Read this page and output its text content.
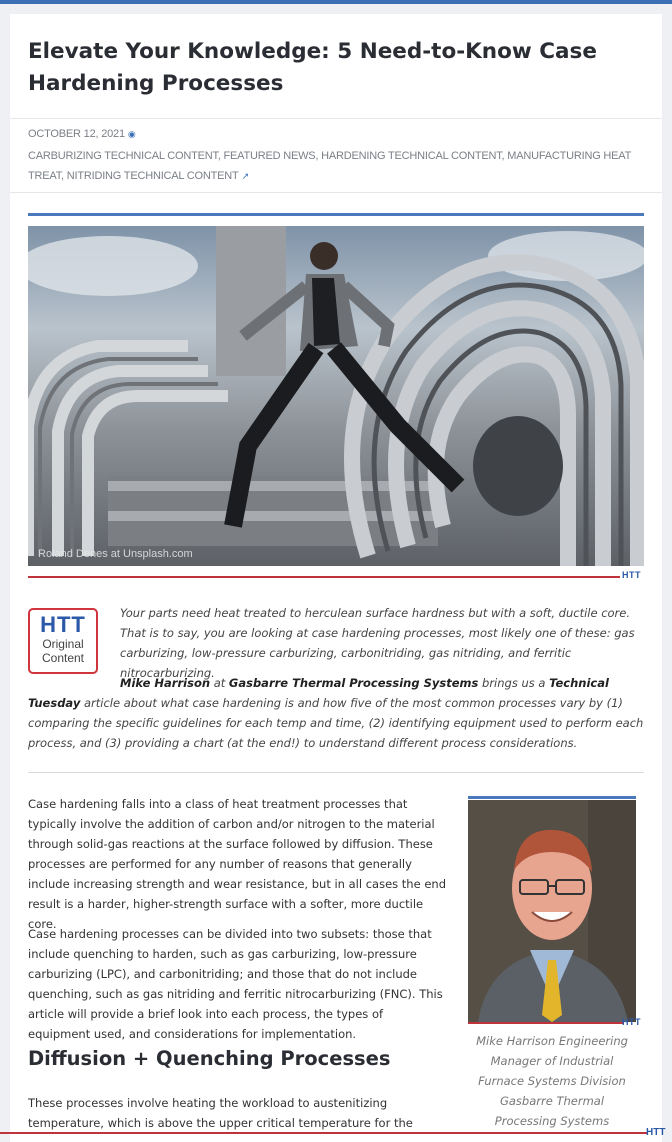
Elevate Your Knowledge: 5 Need-to-Know Case Hardening Processes
OCTOBER 12, 2021 ◉
CARBURIZING TECHNICAL CONTENT, FEATURED NEWS, HARDENING TECHNICAL CONTENT, MANUFACTURING HEAT TREAT, NITRIDING TECHNICAL CONTENT ↗
Roland Denes at Unsplash.com
HTT
HTT
Original
Content
Your parts need heat treated to herculean surface hardness but with a soft, ductile core. That is to say, you are looking at case hardening processes, most likely one of these: gas carburizing, low-pressure carburizing, carbonitriding, gas nitriding, and ferritic nitrocarburizing.
Mike Harrison at Gasbarre Thermal Processing Systems brings us a Technical Tuesday article about what case hardening is and how five of the most common processes vary by (1) comparing the specific guidelines for each temp and time, (2) identifying equipment used to perform each process, and (3) providing a chart (at the end!) to understand different process considerations.
Case hardening falls into a class of heat treatment processes that typically involve the addition of carbon and/or nitrogen to the material through solid-gas reactions at the surface followed by diffusion. These processes are performed for any number of reasons that generally include increasing strength and wear resistance, but in all cases the end result is a harder, higher-strength surface with a softer, more ductile core.
Case hardening processes can be divided into two subsets: those that include quenching to harden, such as gas carburizing, low-pressure carburizing (LPC), and carbonitriding; and those that do not include quenching, such as gas nitriding and ferritic nitrocarburizing (FNC). This article will provide a brief look into each process, the types of equipment used, and considerations for implementation.
Diffusion + Quenching Processes
These processes involve heating the workload to austenitizing temperature, which is above the upper critical temperature for the
HTT
Mike Harrison Engineering Manager of Industrial Furnace Systems Division Gasbarre Thermal Processing Systems
HTT
